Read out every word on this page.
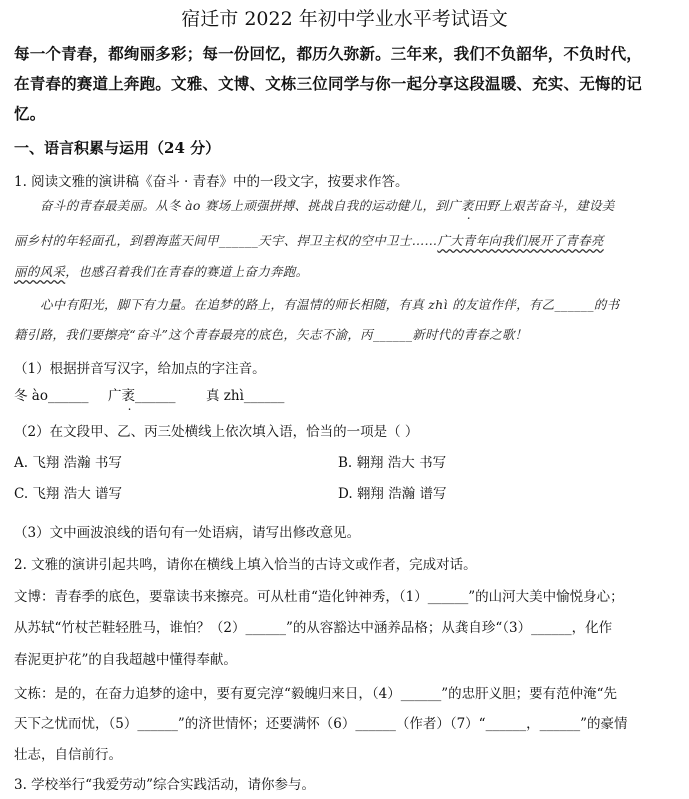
宿迁市 2022 年初中学业水平考试语文
每一个青春，都绚丽多彩；每一份回忆，都历久弥新。三年来，我们不负韶华，不负时代，
在青春的赛道上奔跑。文雅、文博、文栋三位同学与你一起分享这段温暖、充实、无悔的记
忆。
一、语言积累与运用（24 分）
1. 阅读文雅的演讲稿《奋斗 · 青春》中的一段文字，按要求作答。
奋斗的青春最美丽。从冬 ào 赛场上顽强拼搏、挑战自我的运动健儿，到广袤田野上艰苦奋斗，建设美
丽乡村的年轻面孔，到碧海蓝天间甲______天宇、捍卫主权的空中卫士……广大青年向我们展开了青春亮
丽的风采，也感召着我们在青春的赛道上奋力奔跑。
心中有阳光，脚下有力量。在追梦的路上，有温情的师长相随，有真 zhì 的友谊作伴，有乙______的书
籍引路，我们要擦亮“奋斗”这个青春最亮的底色，矢志不渝，丙______新时代的青春之歌！
（1）根据拼音写汉字，给加点的字注音。
冬 ào______ 广袤______ 真 zhì______
（2）在文段甲、乙、丙三处横线上依次填入语，恰当的一项是（ ）
A. 飞翔 浩瀚 书写	B. 翱翔 浩大 书写
C. 飞翔 浩大 谱写	D. 翱翔 浩瀚 谱写
（3）文中画波浪线的语句有一处语病，请写出修改意见。
2. 文雅的演讲引起共鸣，请你在横线上填入恰当的古诗文或作者，完成对话。
文博：青春季的底色，要靠读书来擦亮。可从杜甫“造化钟神秀，（1）______”的山河大美中愉悦身心；
从苏轼“竹杖芒鞋轻胜马，谁怕？（2）______”的从容豁达中涵养品格；从龚自珍“（3）______，化作
春泥更护花”的自我超越中懂得奉献。
文栋：是的，在奋力追梦的途中，要有夏完淳“毅魄归来日，（4）______”的忠肝义胆；要有范仲淹“先
天下之忧而忧，（5）______”的济世情怀；还要满怀（6）______（作者）（7）“______，______”的豪情
壮志，自信前行。
3. 学校举行“我爱劳动”综合实践活动，请你参与。
